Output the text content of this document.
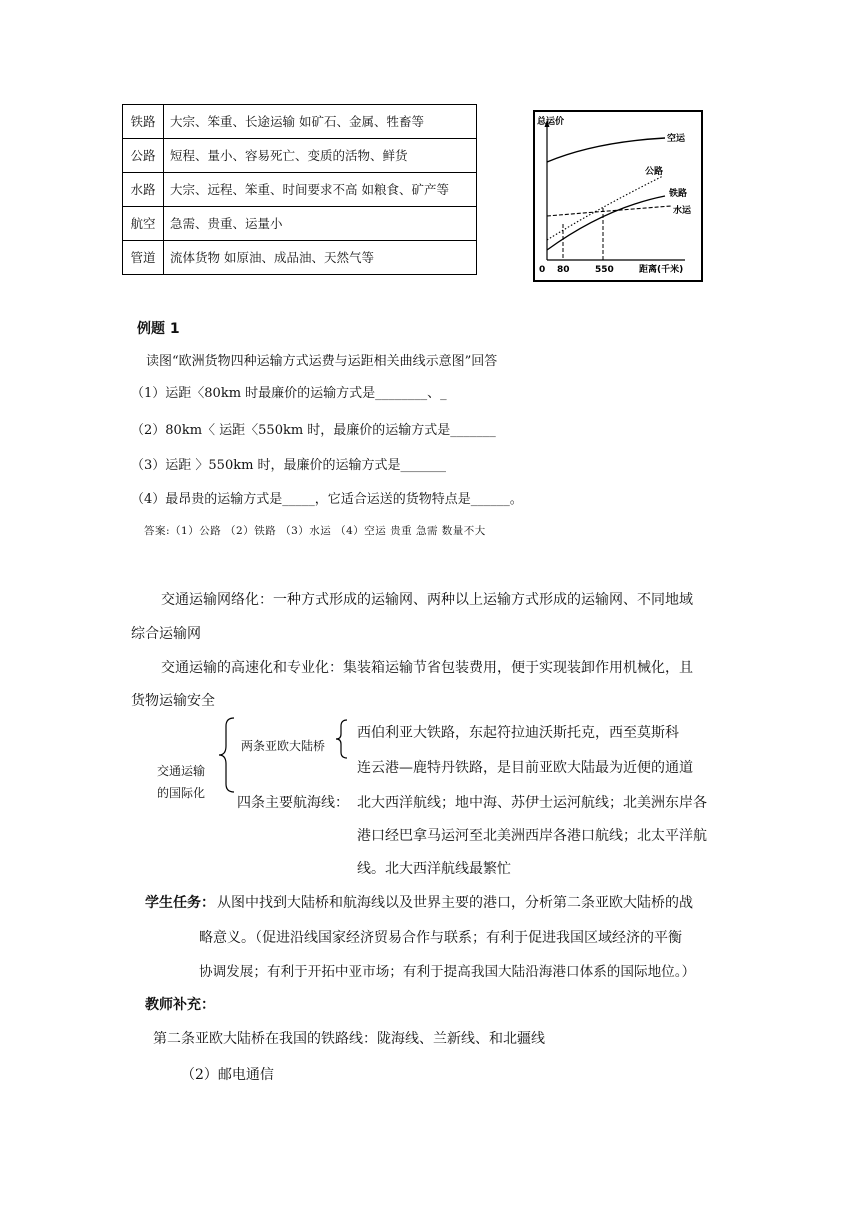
铁路	大宗、笨重、长途运输 如矿石、金属、牲畜等
公路	短程、量小、容易死亡、变质的活物、鲜货
水路	大宗、远程、笨重、时间要求不高 如粮食、矿产等
航空	急需、贵重、运量小
管道	流体货物 如原油、成品油、天然气等
总运价
空运
公路
铁路
水运
0 80	550	距离(千米)
例题 1
读图“欧洲货物四种运输方式运费与运距相关曲线示意图”回答
（1）运距〈80km 时最廉价的运输方式是________、_
（2）80km〈 运距〈550km 时，最廉价的运输方式是_______
（3）运距 〉550km 时，最廉价的运输方式是_______
（4）最昂贵的运输方式是_____，它适合运送的货物特点是______。
答案:（1）公路 （2）铁路 （3）水运 （4）空运 贵重 急需 数量不大
交通运输网络化：一种方式形成的运输网、两种以上运输方式形成的运输网、不同地域
综合运输网
交通运输的高速化和专业化：集装箱运输节省包装费用，便于实现装卸作用机械化，且
货物运输安全
交通运输
的国际化
两条亚欧大陆桥
西伯利亚大铁路，东起符拉迪沃斯托克，西至莫斯科
连云港—鹿特丹铁路，是目前亚欧大陆最为近便的通道
四条主要航海线： 北大西洋航线；地中海、苏伊士运河航线；北美洲东岸各
港口经巴拿马运河至北美洲西岸各港口航线；北太平洋航
线。北大西洋航线最繁忙
学生任务： 从图中找到大陆桥和航海线以及世界主要的港口，分析第二条亚欧大陆桥的战
略意义。（促进沿线国家经济贸易合作与联系；有利于促进我国区域经济的平衡
协调发展；有利于开拓中亚市场；有利于提高我国大陆沿海港口体系的国际地位。）
教师补充：
第二条亚欧大陆桥在我国的铁路线：陇海线、兰新线、和北疆线
（2）邮电通信
